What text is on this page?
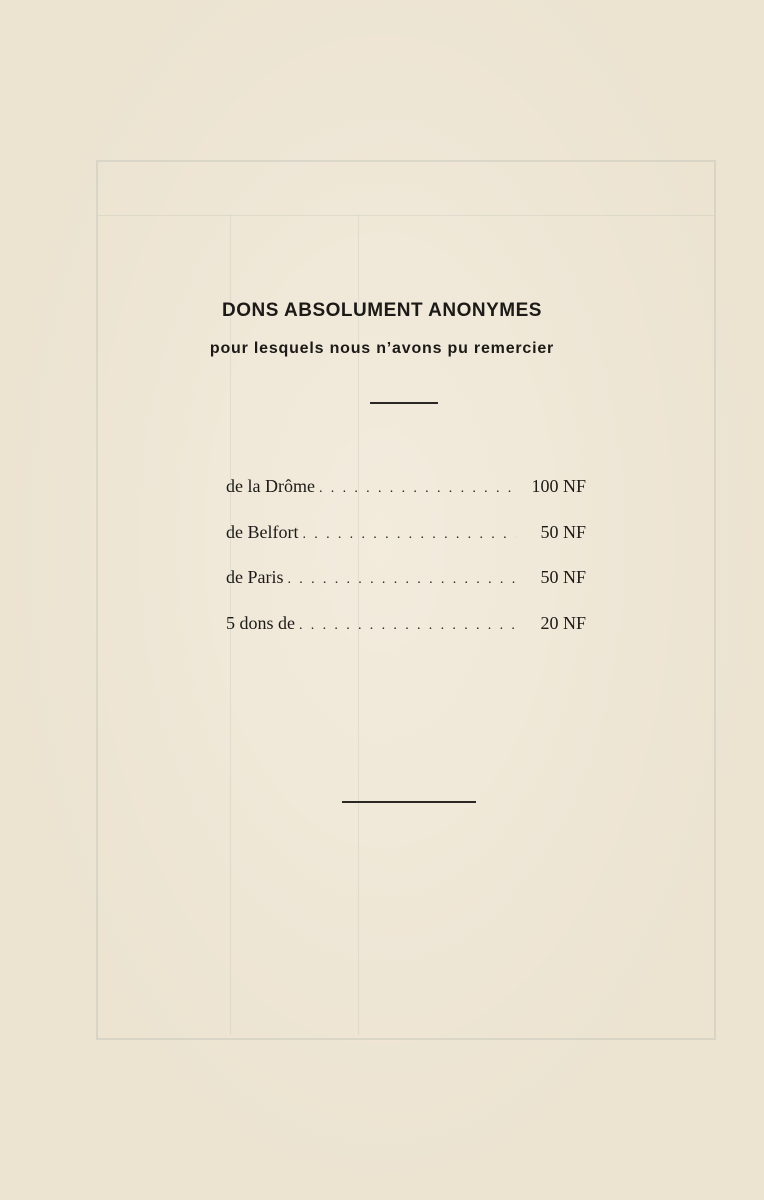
DONS ABSOLUMENT ANONYMES
pour lesquels nous n’avons pu remercier
de la Drôme . . .	100 NF
de Belfort . . .	50 NF
de Paris . . .	50 NF
5 dons de . . .	20 NF
